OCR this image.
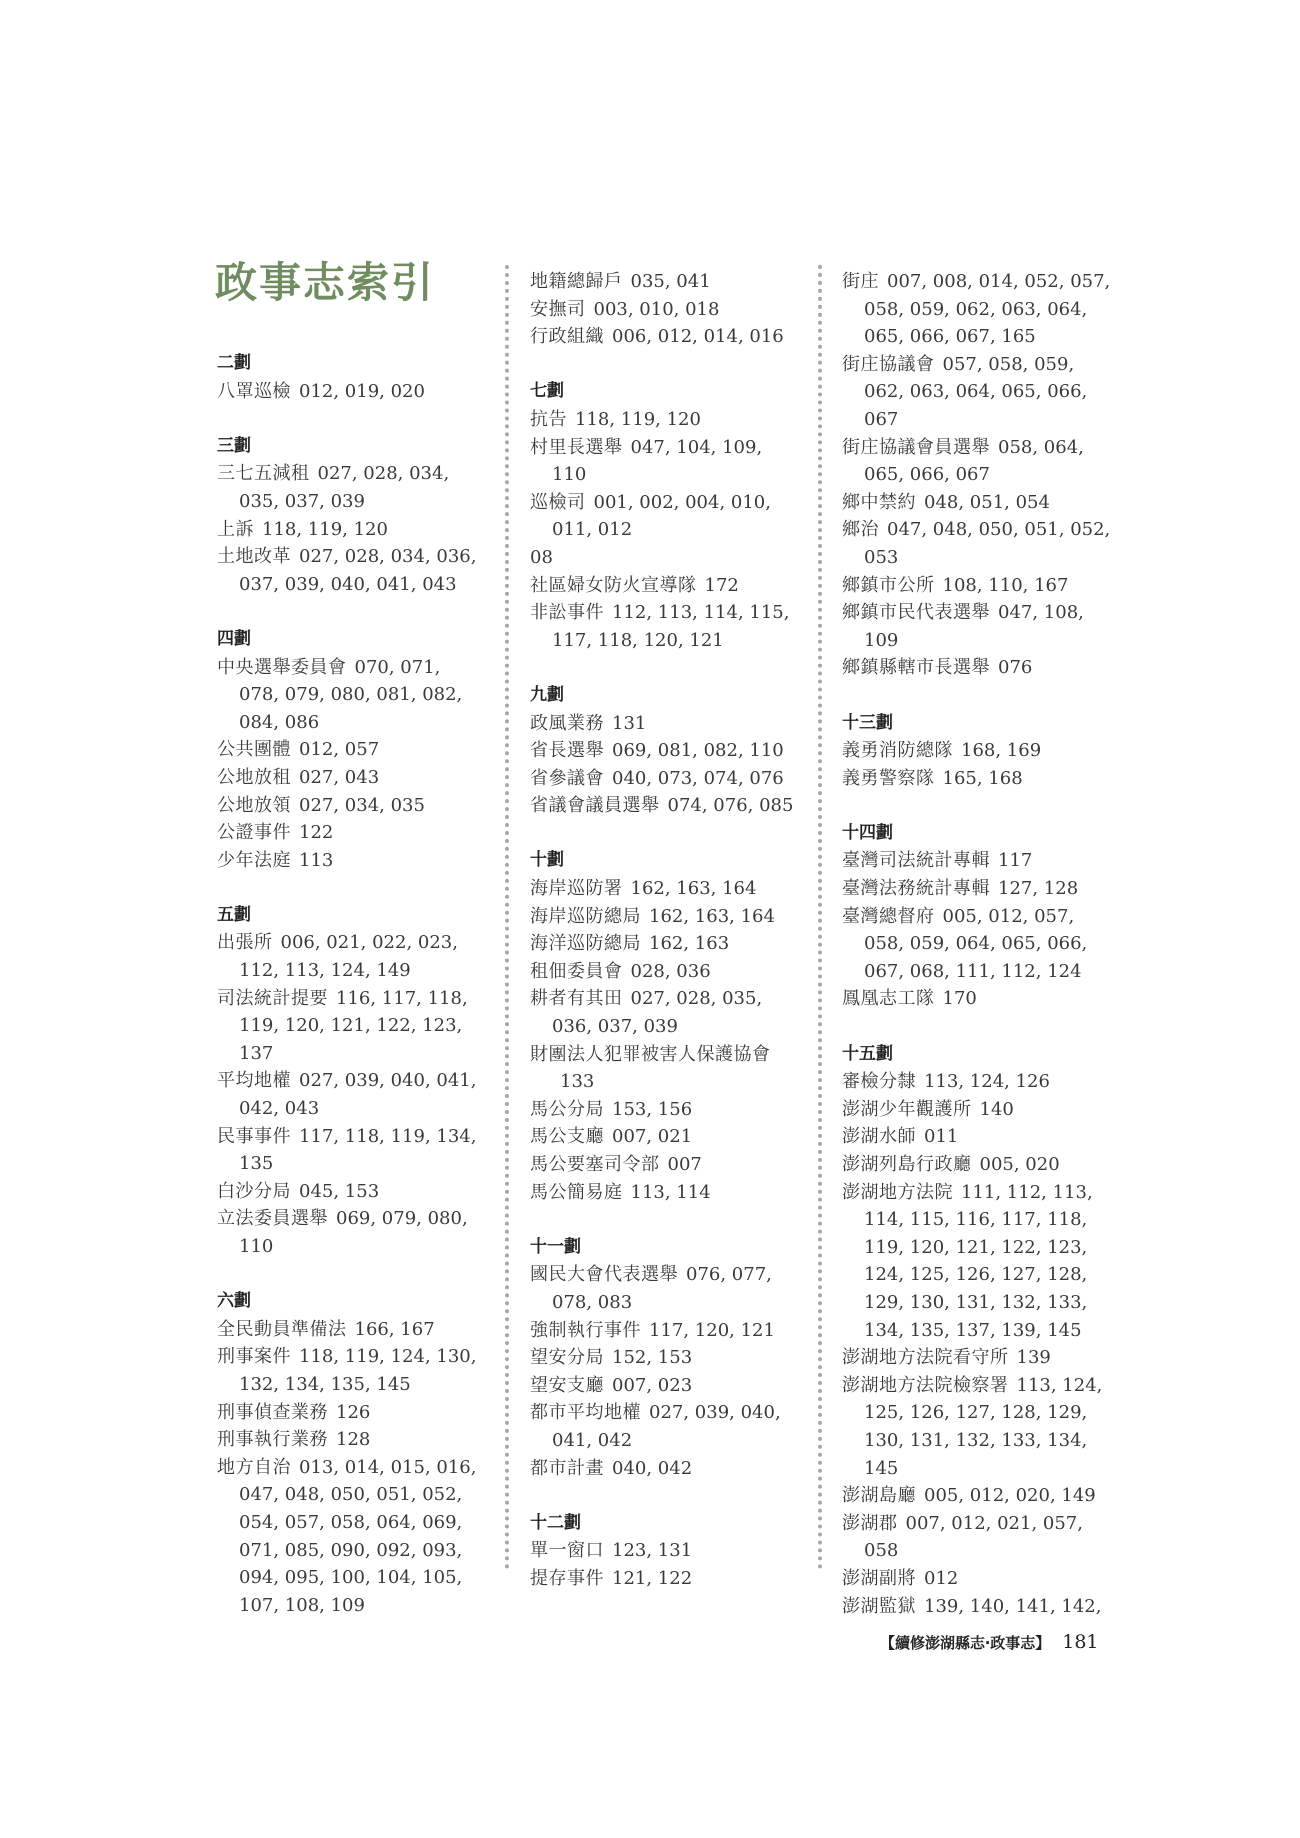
政事志索引
二劃
八罩巡檢 012, 019, 020
三劃
三七五減租 027, 028, 034, 035, 037, 039
上訴 118, 119, 120
土地改革 027, 028, 034, 036, 037, 039, 040, 041, 043
四劃
中央選舉委員會 070, 071, 078, 079, 080, 081, 082, 084, 086
公共團體 012, 057
公地放租 027, 043
公地放領 027, 034, 035
公證事件 122
少年法庭 113
五劃
出張所 006, 021, 022, 023, 112, 113, 124, 149
司法統計提要 116, 117, 118, 119, 120, 121, 122, 123, 137
平均地權 027, 039, 040, 041, 042, 043
民事事件 117, 118, 119, 134, 135
白沙分局 045, 153
立法委員選舉 069, 079, 080, 110
六劃
全民動員準備法 166, 167
刑事案件 118, 119, 124, 130, 132, 134, 135, 145
刑事偵查業務 126
刑事執行業務 128
地方自治 013, 014, 015, 016, 047, 048, 050, 051, 052, 054, 057, 058, 064, 069, 071, 085, 090, 092, 093, 094, 095, 100, 104, 105, 107, 108, 109
地籍總歸戶 035, 041
安撫司 003, 010, 018
行政組織 006, 012, 014, 016
七劃
抗告 118, 119, 120
村里長選舉 047, 104, 109, 110
巡檢司 001, 002, 004, 010, 011, 012
08
社區婦女防火宣導隊 172
非訟事件 112, 113, 114, 115, 117, 118, 120, 121
九劃
政風業務 131
省長選舉 069, 081, 082, 110
省參議會 040, 073, 074, 076
省議會議員選舉 074, 076, 085
十劃
海岸巡防署 162, 163, 164
海岸巡防總局 162, 163, 164
海洋巡防總局 162, 163
租佃委員會 028, 036
耕者有其田 027, 028, 035, 036, 037, 039
財團法人犯罪被害人保護協會133
馬公分局 153, 156
馬公支廳 007, 021
馬公要塞司令部 007
馬公簡易庭 113, 114
十一劃
國民大會代表選舉 076, 077, 078, 083
強制執行事件 117, 120, 121
望安分局 152, 153
望安支廳 007, 023
都市平均地權 027, 039, 040, 041, 042
都市計畫 040, 042
十二劃
單一窗口 123, 131
提存事件 121, 122
街庄 007, 008, 014, 052, 057, 058, 059, 062, 063, 064, 065, 066, 067, 165
街庄協議會 057, 058, 059, 062, 063, 064, 065, 066, 067
街庄協議會員選舉 058, 064, 065, 066, 067
鄉中禁約 048, 051, 054
鄉治 047, 048, 050, 051, 052, 053
鄉鎮市公所 108, 110, 167
鄉鎮市民代表選舉 047, 108, 109
鄉鎮縣轄市長選舉 076
十三劃
義勇消防總隊 168, 169
義勇警察隊 165, 168
十四劃
臺灣司法統計專輯 117
臺灣法務統計專輯 127, 128
臺灣總督府 005, 012, 057, 058, 059, 064, 065, 066, 067, 068, 111, 112, 124
鳳凰志工隊 170
十五劃
審檢分隸 113, 124, 126
澎湖少年觀護所 140
澎湖水師 011
澎湖列島行政廳 005, 020
澎湖地方法院 111, 112, 113, 114, 115, 116, 117, 118, 119, 120, 121, 122, 123, 124, 125, 126, 127, 128, 129, 130, 131, 132, 133, 134, 135, 137, 139, 145
澎湖地方法院看守所 139
澎湖地方法院檢察署 113, 124, 125, 126, 127, 128, 129, 130, 131, 132, 133, 134, 145
澎湖島廳 005, 012, 020, 149
澎湖郡 007, 012, 021, 057, 058
澎湖副將 012
澎湖監獄 139, 140, 141, 142,
【續修澎湖縣志‧政事志】 181
